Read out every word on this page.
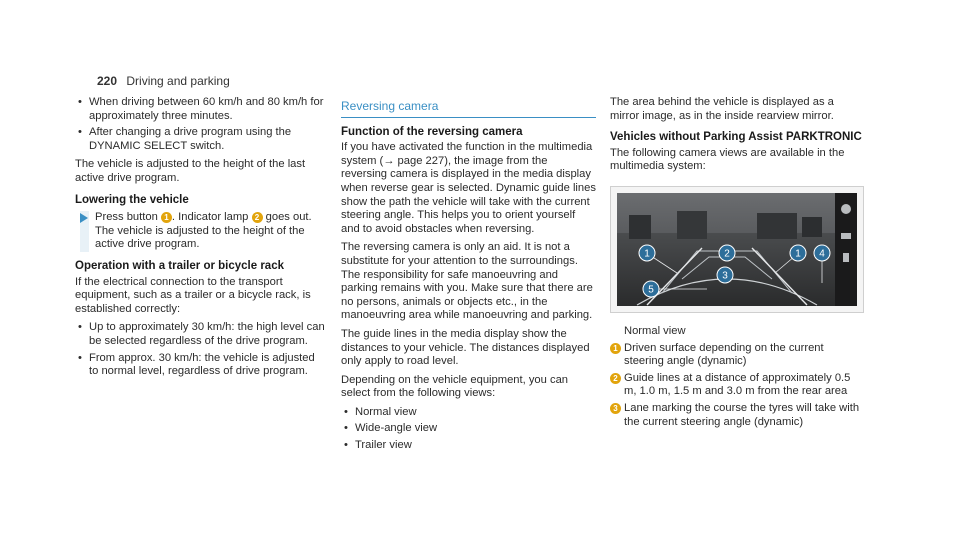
220 Driving and parking
• When driving between 60 km/h and 80 km/h for approximately three minutes.
• After changing a drive program using the DYNAMIC SELECT switch.

The vehicle is adjusted to the height of the last active drive program.

Lowering the vehicle
Press button 1 . Indicator lamp 2 goes out. The vehicle is adjusted to the height of the active drive program.
Operation with a trailer or bicycle rack

If the electrical connection to the transport equipment, such as a trailer or a bicycle rack, is established correctly:

• Up to approximately 30 km/h: the high level can be selected regardless of the drive program.
• From approx. 30 km/h: the vehicle is adjusted to normal level, regardless of drive program.
Reversing camera
Function of the reversing camera

If you have activated the function in the multimedia system (→ page 227), the image from the reversing camera is displayed in the media display when reverse gear is selected. Dynamic guide lines show the path the vehicle will take with the current steering angle. This helps you to orient yourself and to avoid obstacles when reversing.

The reversing camera is only an aid. It is not a substitute for your attention to the surroundings. The responsibility for safe manoeuvring and parking remains with you. Make sure that there are no persons, animals or objects etc., in the manoeuvring area while manoeuvring and parking.

The guide lines in the media display show the distances to your vehicle. The distances displayed only apply to road level.

Depending on the vehicle equipment, you can select from the following views:

• Normal view
• Wide-angle view
• Trailer view

The area behind the vehicle is displayed as a mirror image, as in the inside rearview mirror.

Vehicles without Parking Assist PARKTRONIC

The following camera views are available in the multimedia system:

1	2
3
1 4
5
Normal view
1 Driven surface depending on the current steering angle (dynamic)
2 Guide lines at a distance of approximately 0.5 m, 1.0 m, 1.5 m and 3.0 m from the rear area
3 Lane marking the course the tyres will take with the current steering angle (dynamic)
